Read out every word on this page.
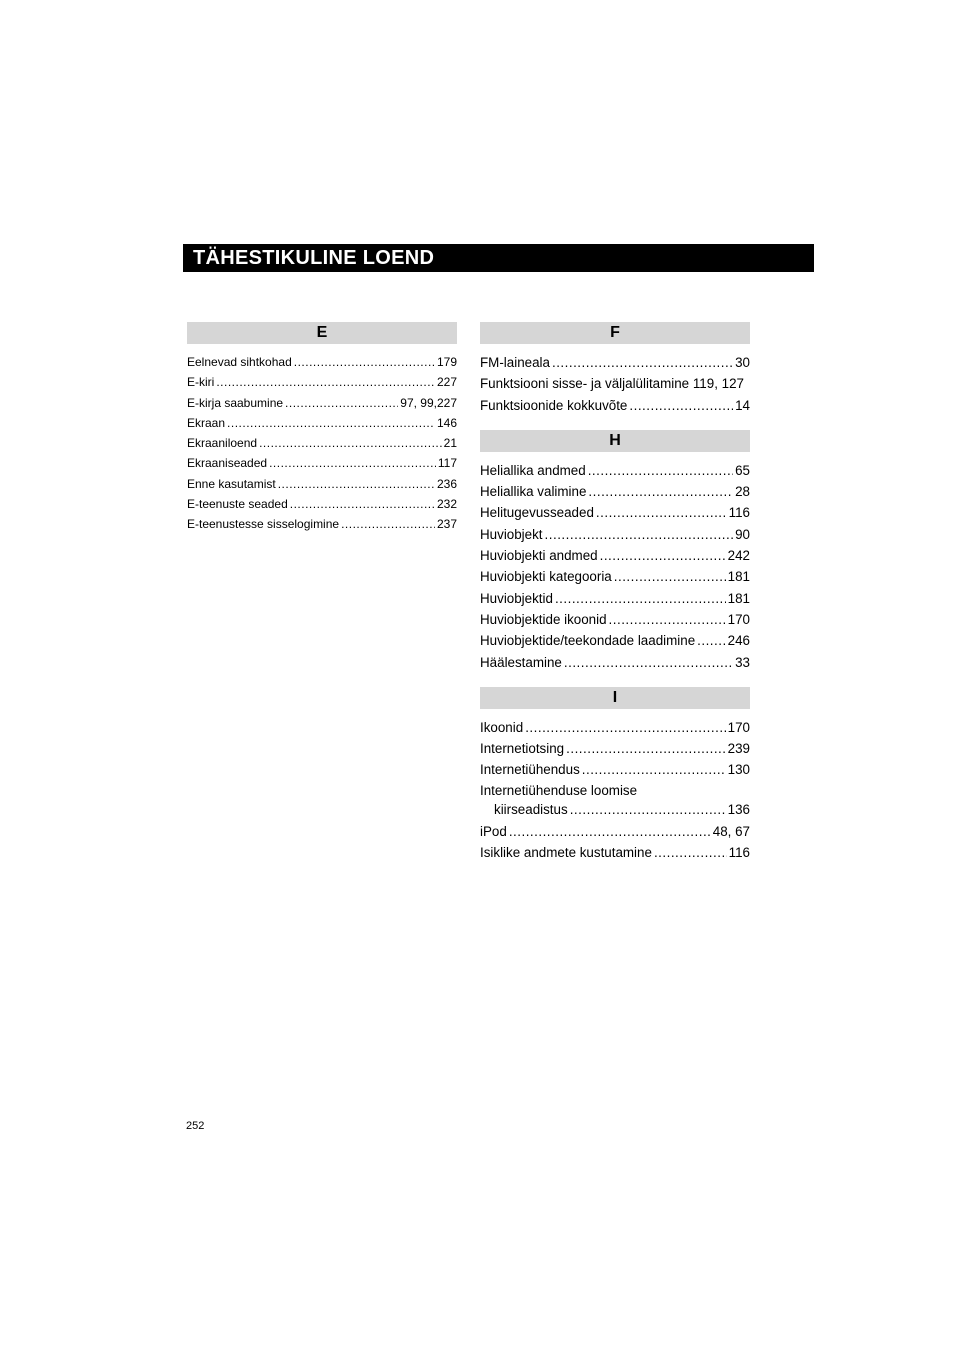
TÄHESTIKULINE LOEND
E
Eelnevad sihtkohad .....	179
E-kiri .....	227
E-kirja saabumine .....	97, 99,227
Ekraan .....	146
Ekraaniloend .....	21
Ekraaniseaded .....	117
Enne kasutamist .....	236
E-teenuste seaded .....	232
E-teenustesse sisselogimine .....	237
F
FM-laineala .....	30
Funktsiooni sisse- ja väljalülitamine 119, 127
Funktsioonide kokkuvõte .....	14
H
Heliallika andmed .....	65
Heliallika valimine .....	28
Helitugevusseaded .....	116
Huviobjekt .....	90
Huviobjekti andmed .....	242
Huviobjekti kategooria .....	181
Huviobjektid .....	181
Huviobjektide ikoonid .....	170
Huviobjektide/teekondade laadimine ..... 246
Häälestamine .....	33
I
Ikoonid .....	170
Internetiotsing .....	239
Internetiühendus .....	130
Internetiühenduse loomise
kiirseadistus .....	136
iPod .....	48, 67
Isiklike andmete kustutamine .....	116
252
